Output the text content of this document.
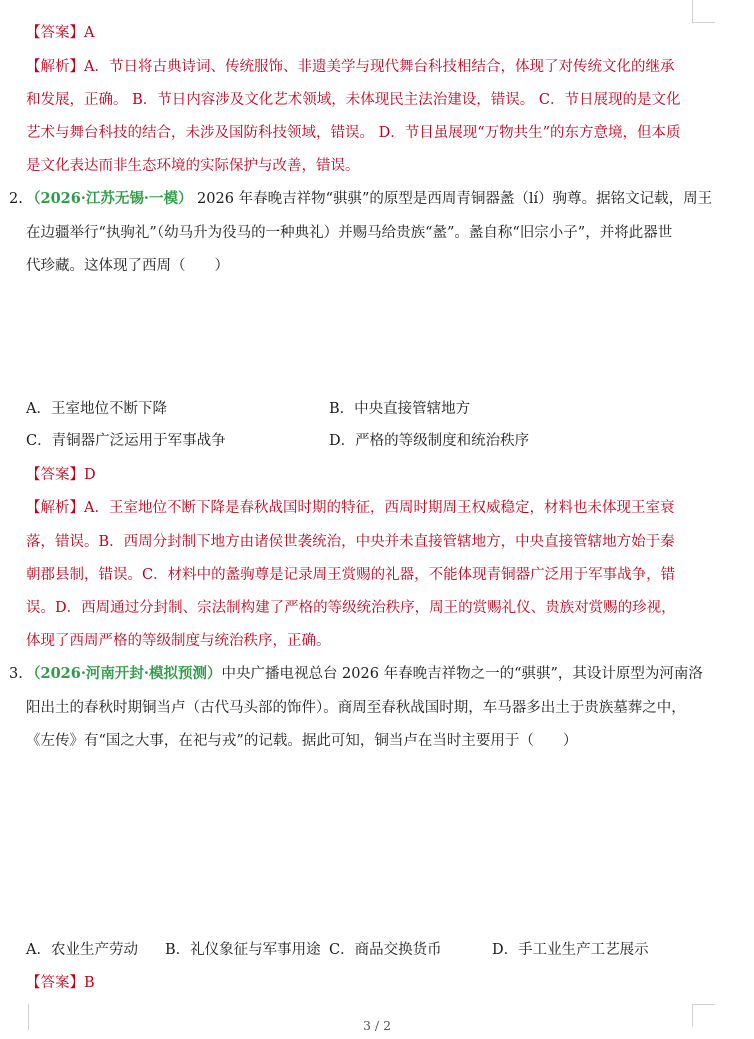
【答案】A
【解析】A．节日将古典诗词、传统服饰、非遗美学与现代舞台科技相结合，体现了对传统文化的继承
和发展，正确。 B．节日内容涉及文化艺术领域，未体现民主法治建设，错误。 C．节日展现的是文化
艺术与舞台科技的结合，未涉及国防科技领域，错误。 D．节目虽展现“万物共生”的东方意境，但本质
是文化表达而非生态环境的实际保护与改善，错误。
2. （2026·江苏无锡·一模） 2026 年春晚吉祥物“骐骐”的原型是西周青铜器盠（lí）驹尊。据铭文记载，周王
在边疆举行“执驹礼”（幼马升为役马的一种典礼）并赐马给贵族“盠”。盠自称“旧宗小子”，并将此器世
代珍藏。这体现了西周（　　）
A．王室地位不断下降	B．中央直接管辖地方
C．青铜器广泛运用于军事战争	D．严格的等级制度和统治秩序
【答案】D
【解析】A．王室地位不断下降是春秋战国时期的特征，西周时期周王权威稳定，材料也未体现王室衰
落，错误。B．西周分封制下地方由诸侯世袭统治，中央并未直接管辖地方，中央直接管辖地方始于秦
朝郡县制，错误。C．材料中的盠驹尊是记录周王赏赐的礼器，不能体现青铜器广泛用于军事战争，错
误。D．西周通过分封制、宗法制构建了严格的等级统治秩序，周王的赏赐礼仪、贵族对赏赐的珍视，
体现了西周严格的等级制度与统治秩序，正确。
3. （2026·河南开封·模拟预测）中央广播电视总台 2026 年春晚吉祥物之一的“骐骐”，其设计原型为河南洛
阳出土的春秋时期铜当卢（古代马头部的饰件）。商周至春秋战国时期，车马器多出土于贵族墓葬之中，
《左传》有“国之大事，在祀与戎”的记载。据此可知，铜当卢在当时主要用于（　　）
A．农业生产劳动 B．礼仪象征与军事用途 C．商品交换货币	D．手工业生产工艺展示
【答案】B
3 / 2
